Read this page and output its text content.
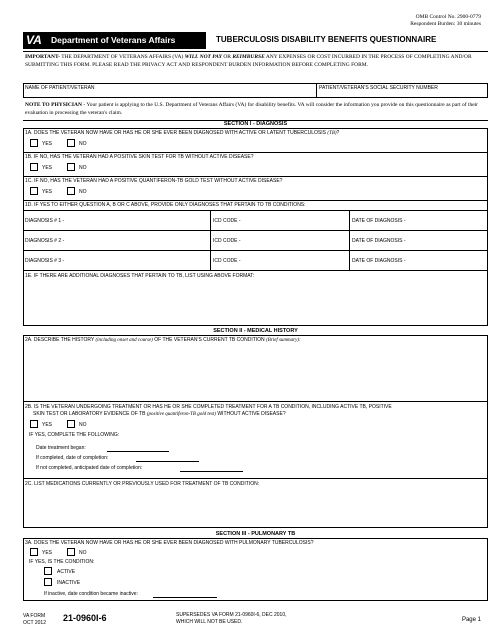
OMB Control No. 2900-0779
Respondent Burden: 30 minutes
VA Department of Veterans Affairs	TUBERCULOSIS DISABILITY BENEFITS QUESTIONNAIRE
IMPORTANT- THE DEPARTMENT OF VETERANS AFFAIRS (VA) WILL NOT PAY OR REIMBURSE ANY EXPENSES OR COST INCURRED IN THE PROCESS OF COMPLETING AND/OR SUBMITTING THIS FORM. PLEASE READ THE PRIVACY ACT AND RESPONDENT BURDEN INFORMATION BEFORE COMPLETING FORM.
NAME OF PATIENT/VETERAN	PATIENT/VETERAN'S SOCIAL SECURITY NUMBER
NOTE TO PHYSICIAN - Your patient is applying to the U.S. Department of Veterans Affairs (VA) for disability benefits. VA will consider the information you provide on this questionnaire as part of their evaluation in processing the veteran's claim.
SECTION I - DIAGNOSIS
1A. DOES THE VETERAN NOW HAVE OR HAS HE OR SHE EVER BEEN DIAGNOSED WITH ACTIVE OR LATENT TUBERCULOSIS (TB)?
YES	NO
1B. IF NO, HAS THE VETERAN HAD A POSITIVE SKIN TEST FOR TB WITHOUT ACTIVE DISEASE?
YES	NO
1C. IF NO, HAS THE VETERAN HAD A POSITIVE QUANTIFERON-TB GOLD TEST WITHOUT ACTIVE DISEASE?
YES	NO
1D. IF YES TO EITHER QUESTION A, B OR C ABOVE, PROVIDE ONLY DIAGNOSES THAT PERTAIN TO TB CONDITIONS:
DIAGNOSIS # 1 -	ICD CODE -	DATE OF DIAGNOSIS -
DIAGNOSIS # 2 -	ICD CODE -	DATE OF DIAGNOSIS -
DIAGNOSIS # 3 -	ICD CODE -	DATE OF DIAGNOSIS -
1E. IF THERE ARE ADDITIONAL DIAGNOSES THAT PERTAIN TO TB, LIST USING ABOVE FORMAT:
SECTION II - MEDICAL HISTORY
2A. DESCRIBE THE HISTORY (including onset and course) OF THE VETERAN'S CURRENT TB CONDITION (Brief summary):
2B. IS THE VETERAN UNDERGOING TREATMENT OR HAS HE OR SHE COMPLETED TREATMENT FOR A TB CONDITION, INCLUDING ACTIVE TB, POSITIVE
SKIN TEST OR LABORATORY EVIDENCE OF TB (positive quantiferon-TB gold test) WITHOUT ACTIVE DISEASE?
YES	NO
IF YES, COMPLETE THE FOLLOWING:
Date treatment began:
If completed, date of completion:
If not completed, anticipated date of completion:
2C. LIST MEDICATIONS CURRENTLY OR PREVIOUSLY USED FOR TREATMENT OF TB CONDITION:
SECTION III - PULMONARY TB
3A. DOES THE VETERAN NOW HAVE OR HAS HE OR SHE EVER BEEN DIAGNOSED WITH PULMONARY TUBERCULOSIS?
YES	NO
IF YES, IS THE CONDITION:
ACTIVE
INACTIVE
If inactive, date condition became inactive:
VA FORM
OCT 2012 21-0960I-6	SUPERSEDES VA FORM 21-0960I-6, DEC 2010,
WHICH WILL NOT BE USED.	Page 1
